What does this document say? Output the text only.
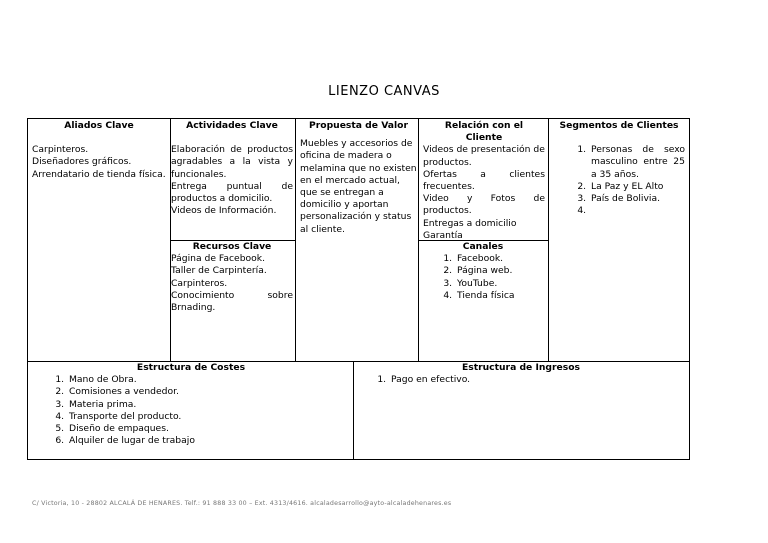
LIENZO CANVAS
Aliados Clave
Carpinteros.
Diseñadores gráficos.
Arrendatario de tienda física.
Actividades Clave
Elaboración de productos agradables a la vista y funcionales.
Entrega puntual de productos a domicilio.
Videos de Información.
Recursos Clave
Página de Facebook.
Taller de Carpintería.
Carpinteros.
Conocimiento sobre Brnading.
Propuesta de Valor
Muebles y accesorios de oficina de madera o melamina que no existen en el mercado actual, que se entregan a domicilio y aportan personalización y status al cliente.
Relación con el Cliente
Videos de presentación de productos.
Ofertas a clientes frecuentes.
Video y Fotos de productos.
Entregas a domicilio
Garantía
Canales
1. Facebook.
2. Página web.
3. YouTube.
4. Tienda física
Segmentos de Clientes
1. Personas de sexo masculino entre 25 a 35 años.
2. La Paz y EL Alto
3. País de Bolivia.
4.
Estructura de Costes
1. Mano de Obra.
2. Comisiones a vendedor.
3. Materia prima.
4. Transporte del producto.
5. Diseño de empaques.
6. Alquiler de lugar de trabajo
Estructura de Ingresos
1. Pago en efectivo.
C/ Victoria, 10 - 28802 ALCALÁ DE HENARES. Telf.: 91 888 33 00 – Ext. 4313/4616. alcaladesarrollo@ayto-alcaladehenares.es
